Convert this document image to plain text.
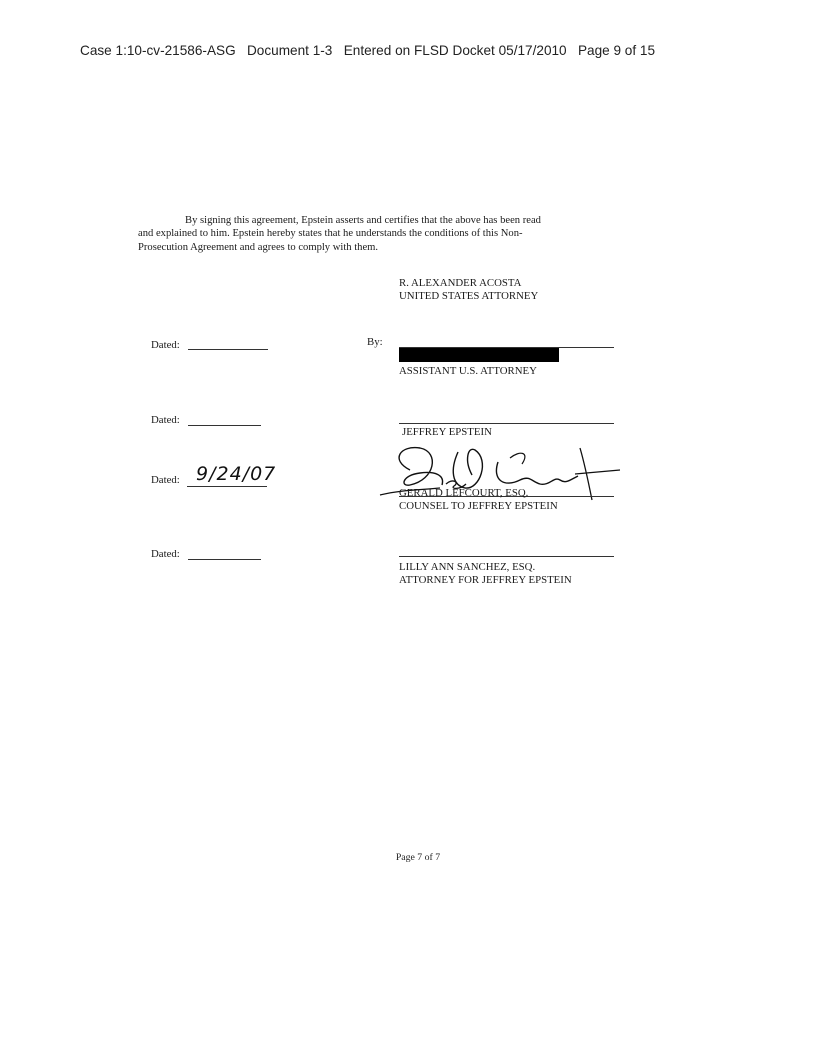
Case 1:10-cv-21586-ASG   Document 1-3   Entered on FLSD Docket 05/17/2010   Page 9 of 15
By signing this agreement, Epstein asserts and certifies that the above has been read
and explained to him. Epstein hereby states that he understands the conditions of this Non-
Prosecution Agreement and agrees to comply with them.
R. ALEXANDER ACOSTA
UNITED STATES ATTORNEY
Dated:	By:
ASSISTANT U.S. ATTORNEY
Dated:
JEFFREY EPSTEIN
Dated: 9/24/07
GERALD LEFCOURT, ESQ.
COUNSEL TO JEFFREY EPSTEIN
Dated:
LILLY ANN SANCHEZ, ESQ.
ATTORNEY FOR JEFFREY EPSTEIN
Page 7 of 7
